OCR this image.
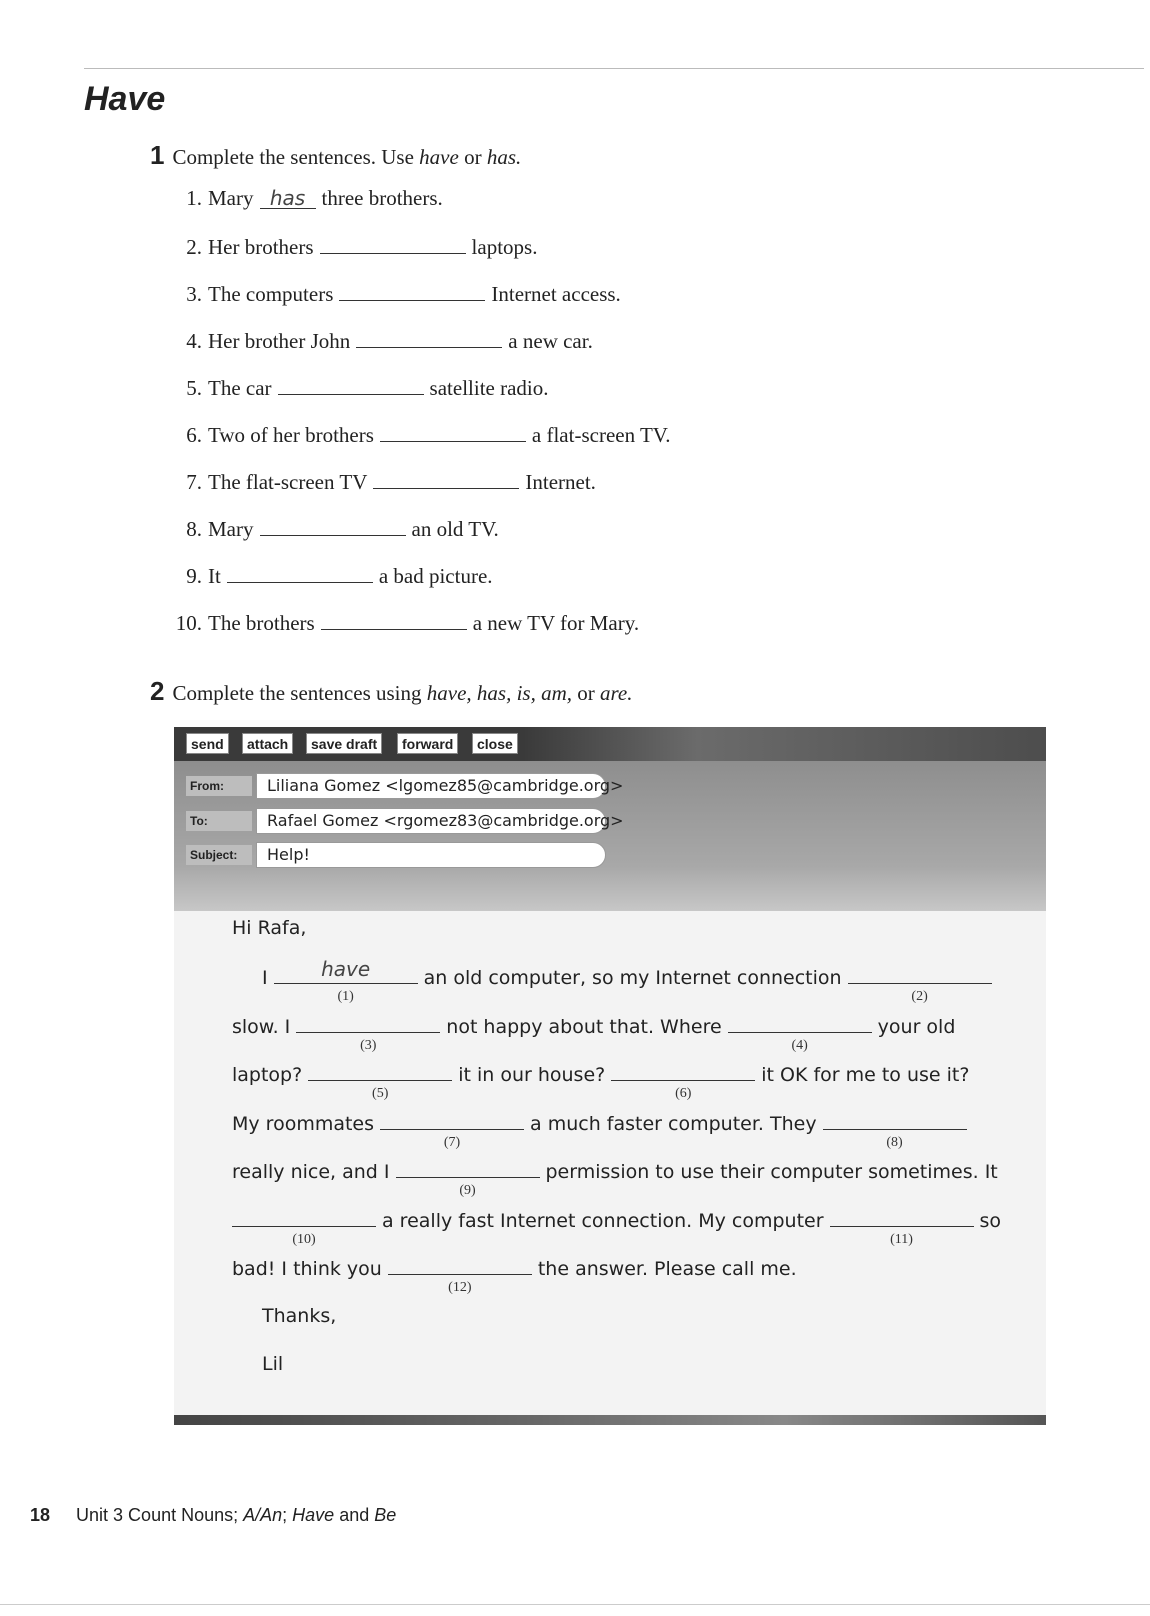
Have
1 Complete the sentences. Use have or has.
1. Mary has three brothers.
2. Her brothers	laptops.
3. The computers	Internet access.
4. Her brother John	a new car.
5. The car	satellite radio.
6. Two of her brothers	a flat-screen TV.
7. The flat-screen TV	Internet.
8. Mary	an old TV.
9. It	a bad picture.
10. The brothers	a new TV for Mary.
2 Complete the sentences using have, has, is, am, or are.
send	attach	save draft	forward	close
From:	Liliana Gomez <lgomez85@cambridge.org>
To:	Rafael Gomez <rgomez83@cambridge.org>
Subject:	Help!
Hi Rafa,
I	have
(1)
an old computer, so my Internet connection
(2)
slow. I
(3)
not happy about that. Where
(4)
your old
laptop?
(5)
it in our house?
(6)
it OK for me to use it?
My roommates
(7)
a much faster computer. They
(8)
really nice, and I
(9)
permission to use their computer sometimes. It
(10)
a really fast Internet connection. My computer
(11)
so
bad! I think you
(12)
the answer. Please call me.
Thanks,
Lil
18 Unit 3 Count Nouns; A/An; Have and Be
